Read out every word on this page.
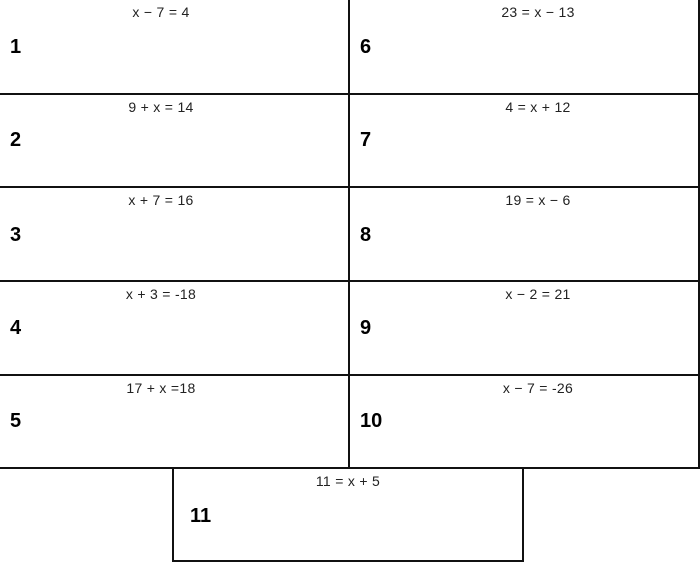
x − 7 = 4
1
9 + x = 14
2
x + 7 = 16
3
x + 3 = -18
4
17 + x =18
5
23 = x − 13
6
4 = x + 12
7
19 = x − 6
8
x − 2 = 21
9
x − 7 = -26
10
11 = x + 5
11
